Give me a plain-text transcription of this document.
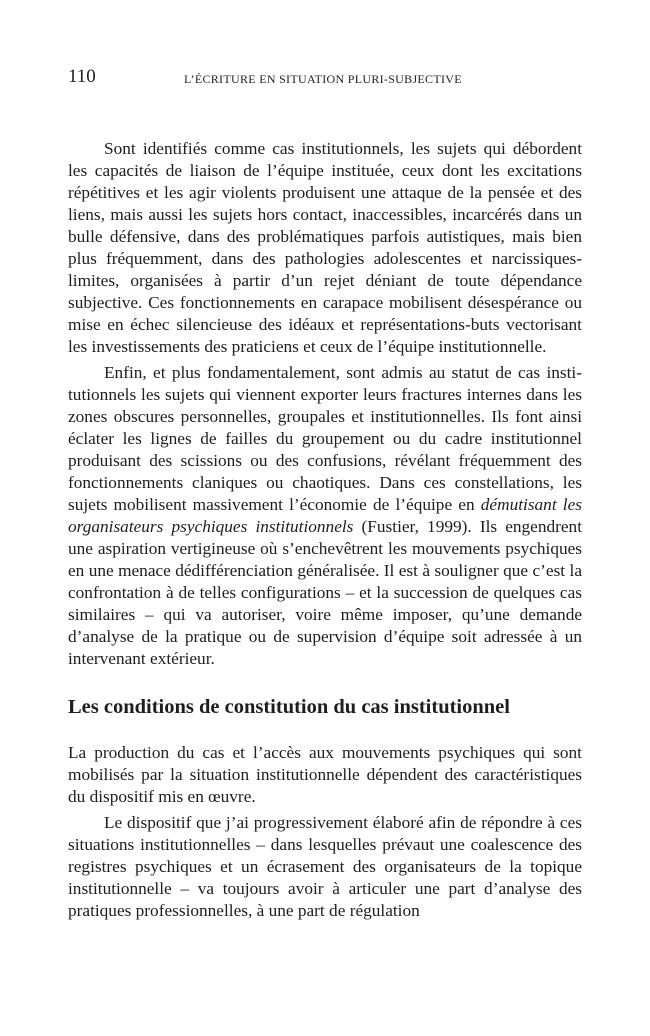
110	L’ÉCRITURE EN SITUATION PLURI-SUBJECTIVE

Sont identifiés comme cas institutionnels, les sujets qui débordent les capacités de liaison de l’équipe instituée, ceux dont les excitations répétitives et les agir violents produisent une attaque de la pensée et des liens, mais aussi les sujets hors contact, inaccessibles, incarcérés dans un bulle défensive, dans des problématiques parfois autistiques, mais bien plus fréquemment, dans des pathologies adolescentes et narcissiques-limites, organisées à partir d’un rejet déniant de toute dépendance subjective. Ces fonctionnements en carapace mobilisent désespérance ou mise en échec silencieuse des idéaux et représentations-buts vectorisant les investissements des praticiens et ceux de l’équipe institutionnelle.

Enfin, et plus fondamentalement, sont admis au statut de cas institutionnels les sujets qui viennent exporter leurs fractures internes dans les zones obscures personnelles, groupales et institutionnelles. Ils font ainsi éclater les lignes de failles du groupement ou du cadre institutionnel produisant des scissions ou des confusions, révélant fréquemment des fonctionnements claniques ou chaotiques. Dans ces constellations, les sujets mobilisent massivement l’économie de l’équipe en démutisant les organisateurs psychiques institutionnels (Fustier, 1999). Ils engendrent une aspiration vertigineuse où s’enchevêtrent les mouvements psychiques en une menace dédifférenciation généralisée. Il est à souligner que c’est la confrontation à de telles configurations – et la succession de quelques cas similaires – qui va autoriser, voire même imposer, qu’une demande d’analyse de la pratique ou de supervision d’équipe soit adressée à un intervenant extérieur.

Les conditions de constitution du cas institutionnel

La production du cas et l’accès aux mouvements psychiques qui sont mobilisés par la situation institutionnelle dépendent des caractéristiques du dispositif mis en œuvre.

Le dispositif que j’ai progressivement élaboré afin de répondre à ces situations institutionnelles – dans lesquelles prévaut une coalescence des registres psychiques et un écrasement des organisateurs de la topique institutionnelle – va toujours avoir à articuler une part d’analyse des pratiques professionnelles, à une part de régulation
